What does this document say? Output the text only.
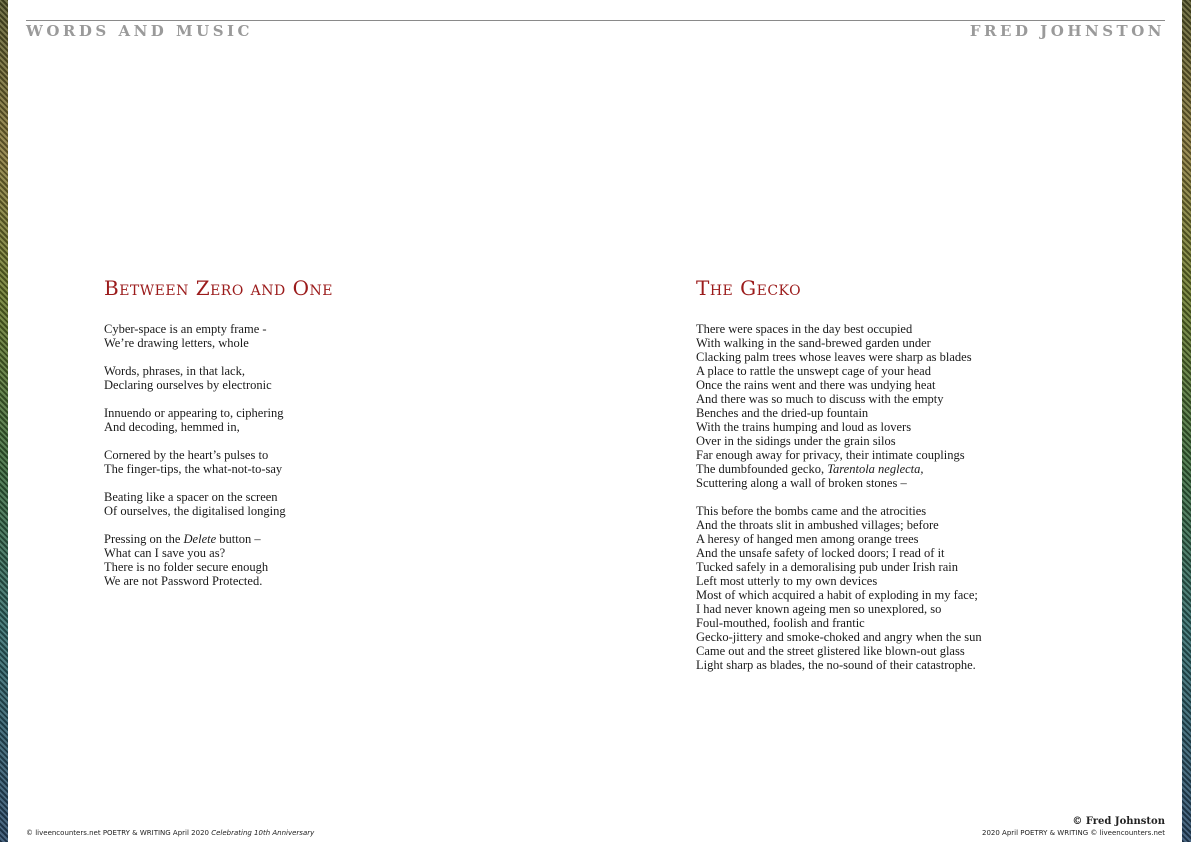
WORDS AND MUSIC	FRED JOHNSTON
Between Zero and One
Cyber-space is an empty frame -
We’re drawing letters, whole
Words, phrases, in that lack,
Declaring ourselves by electronic
Innuendo or appearing to, ciphering
And decoding, hemmed in,
Cornered by the heart’s pulses to
The finger-tips, the what-not-to-say
Beating like a spacer on the screen
Of ourselves, the digitalised longing
Pressing on the Delete button –
What can I save you as?
There is no folder secure enough
We are not Password Protected.
The Gecko
There were spaces in the day best occupied
With walking in the sand-brewed garden under
Clacking palm trees whose leaves were sharp as blades
A place to rattle the unswept cage of your head
Once the rains went and there was undying heat
And there was so much to discuss with the empty
Benches and the dried-up fountain
With the trains humping and loud as lovers
Over in the sidings under the grain silos
Far enough away for privacy, their intimate couplings
The dumbfounded gecko, Tarentola neglecta,
Scuttering along a wall of broken stones –
This before the bombs came and the atrocities
And the throats slit in ambushed villages; before
A heresy of hanged men among orange trees
And the unsafe safety of locked doors; I read of it
Tucked safely in a demoralising pub under Irish rain
Left most utterly to my own devices
Most of which acquired a habit of exploding in my face;
I had never known ageing men so unexplored, so
Foul-mouthed, foolish and frantic
Gecko-jittery and smoke-choked and angry when the sun
Came out and the street glistered like blown-out glass
Light sharp as blades, the no-sound of their catastrophe.
© Fred Johnston
© liveencounters.net POETRY & WRITING April 2020 Celebrating 10th Anniversary	2020 April POETRY & WRITING © liveencounters.net
